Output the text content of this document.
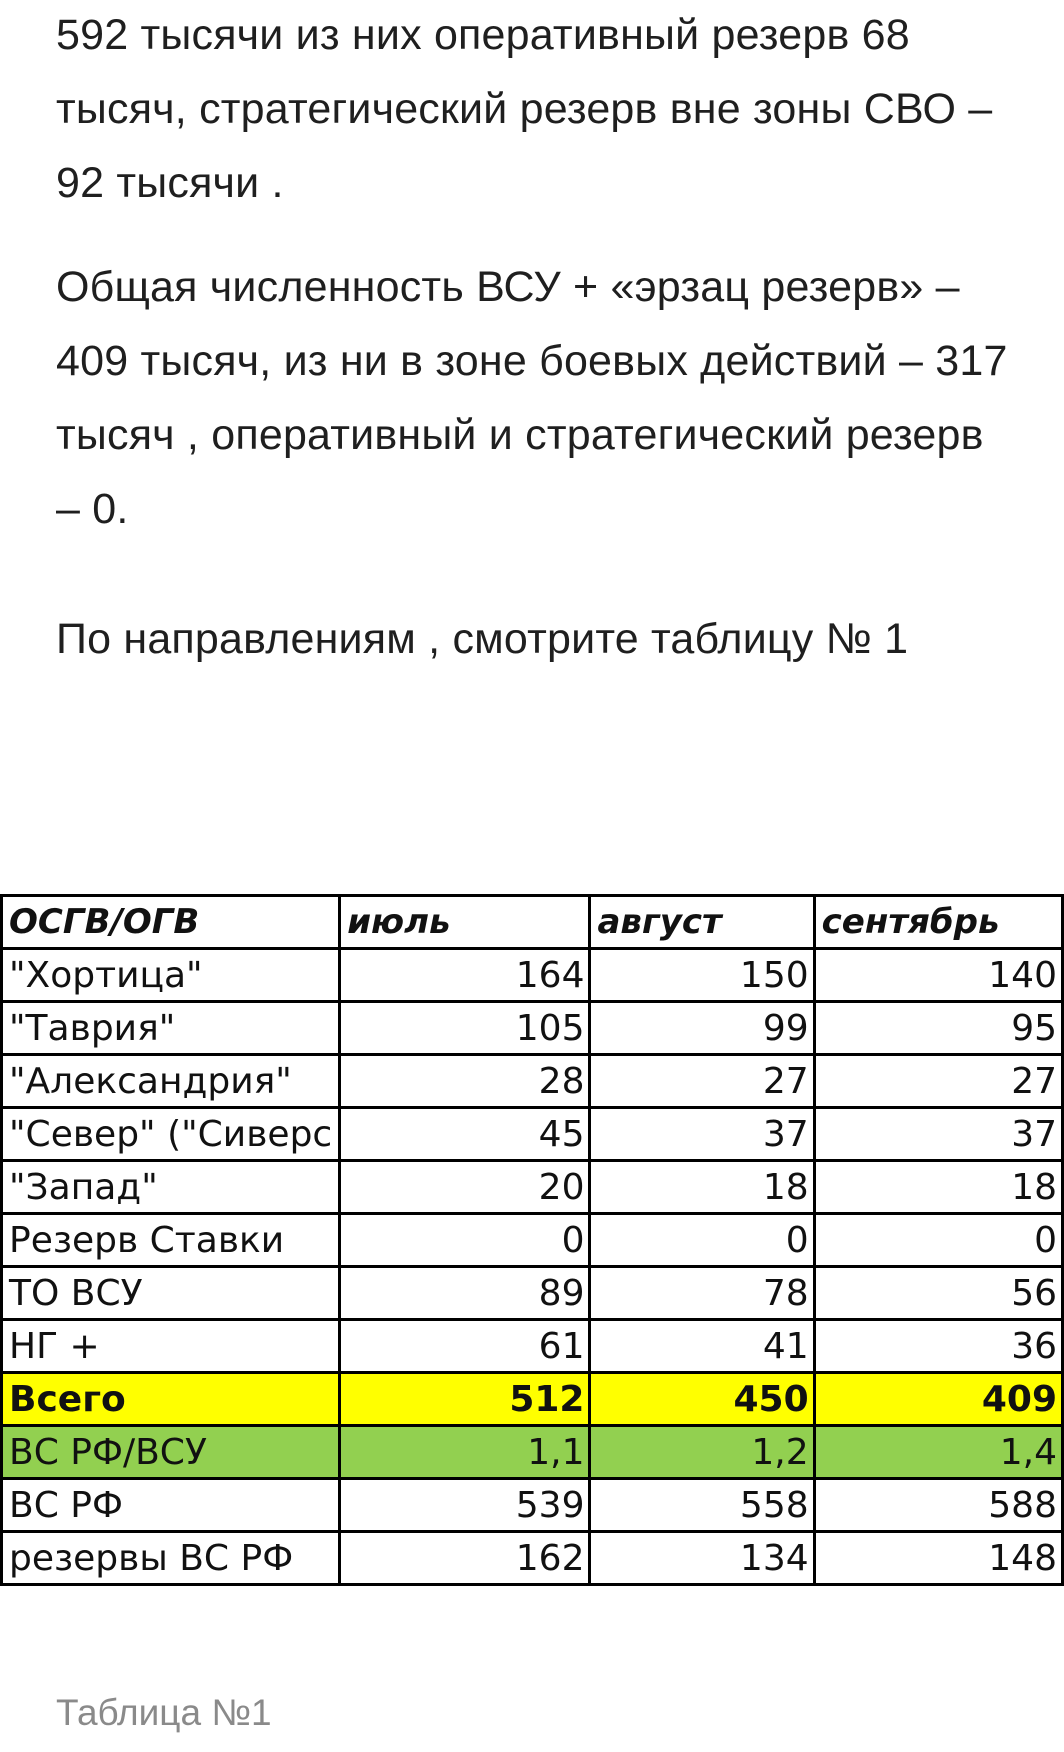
592 тысячи из них оперативный резерв 68 тысяч, стратегический резерв вне зоны СВО – 92 тысячи .

Общая численность ВСУ + «эрзац резерв» – 409 тысяч, из ни в зоне боевых действий – 317 тысяч , оперативный и стратегический резерв – 0.

По направлениям , смотрите таблицу № 1

ОСГВ/ОГВ	июль	август	сентябрь
"Хортица"	164	150	140
"Таврия"	105	99	95
"Александрия"	28	27	27
"Север" ("Сиверс	45	37	37
"Запад"	20	18	18
Резерв Ставки	0	0	0
ТО ВСУ	89	78	56
НГ +	61	41	36
Всего	512	450	409
ВС РФ/ВСУ	1,1	1,2	1,4
ВС РФ	539	558	588
резервы ВС РФ	162	134	148
Таблица №1
